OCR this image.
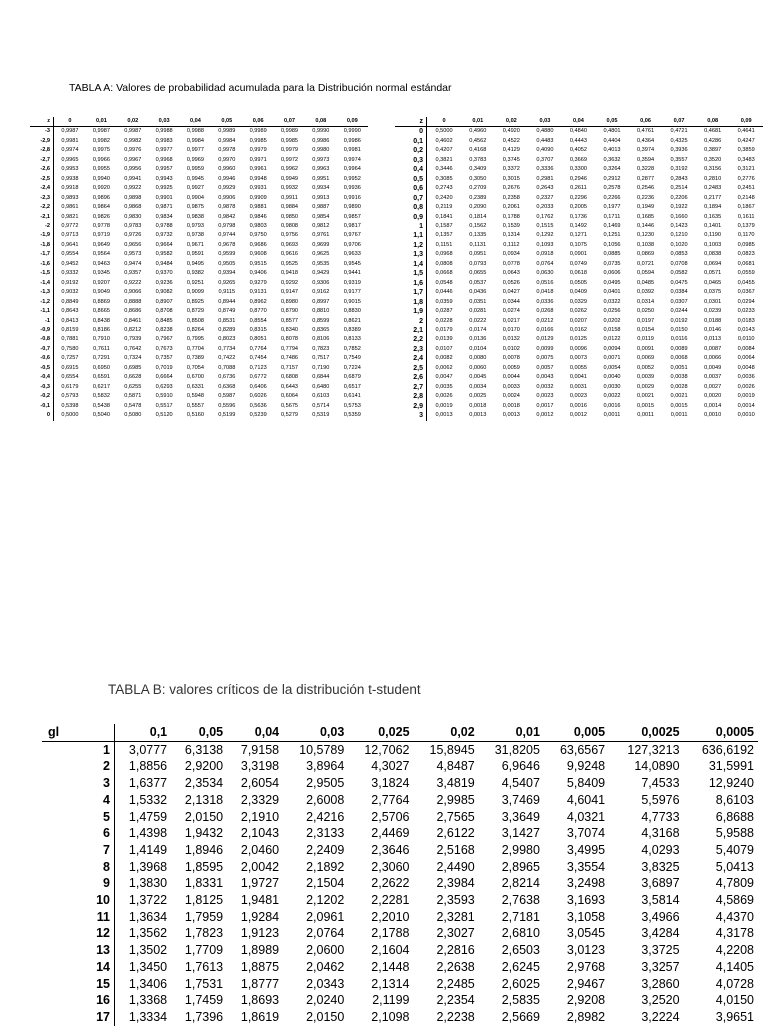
TABLA A: Valores de probabilidad acumulada para la Distribución normal estándar
z	0	0,01	0,02	0,03	0,04	0,05	0,06	0,07	0,08	0,09
-3	0,9987	0,9987	0,9987	0,9988	0,9988	0,9989	0,9989	0,9989	0,9990	0,9990
-2,9	0,9981	0,9982	0,9982	0,9983	0,9984	0,9984	0,9985	0,9985	0,9986	0,9986
-2,8	0,9974	0,9975	0,9976	0,9977	0,9977	0,9978	0,9979	0,9979	0,9980	0,9981
-2,7	0,9965	0,9966	0,9967	0,9968	0,9969	0,9970	0,9971	0,9972	0,9973	0,9974
-2,6	0,9953	0,9955	0,9956	0,9957	0,9959	0,9960	0,9961	0,9962	0,9963	0,9964
-2,5	0,9938	0,9940	0,9941	0,9943	0,9945	0,9946	0,9948	0,9949	0,9951	0,9952
-2,4	0,9918	0,9920	0,9922	0,9925	0,9927	0,9929	0,9931	0,9932	0,9934	0,9936
-2,3	0,9893	0,9896	0,9898	0,9901	0,9904	0,9906	0,9909	0,9911	0,9913	0,9916
-2,2	0,9861	0,9864	0,9868	0,9871	0,9875	0,9878	0,9881	0,9884	0,9887	0,9890
-2,1	0,9821	0,9826	0,9830	0,9834	0,9838	0,9842	0,9846	0,9850	0,9854	0,9857
-2	0,9772	0,9778	0,9783	0,9788	0,9793	0,9798	0,9803	0,9808	0,9812	0,9817
-1,9	0,9713	0,9719	0,9726	0,9732	0,9738	0,9744	0,9750	0,9756	0,9761	0,9767
-1,8	0,9641	0,9649	0,9656	0,9664	0,9671	0,9678	0,9686	0,9693	0,9699	0,9706
-1,7	0,9554	0,9564	0,9573	0,9582	0,9591	0,9599	0,9608	0,9616	0,9625	0,9633
-1,6	0,9452	0,9463	0,9474	0,9484	0,9495	0,9505	0,9515	0,9525	0,9535	0,9545
-1,5	0,9332	0,9345	0,9357	0,9370	0,9382	0,9394	0,9406	0,9418	0,9429	0,9441
-1,4	0,9192	0,9207	0,9222	0,9236	0,9251	0,9265	0,9279	0,9292	0,9306	0,9319
-1,3	0,9032	0,9049	0,9066	0,9082	0,9099	0,9115	0,9131	0,9147	0,9162	0,9177
-1,2	0,8849	0,8869	0,8888	0,8907	0,8925	0,8944	0,8962	0,8980	0,8997	0,9015
-1,1	0,8643	0,8665	0,8686	0,8708	0,8729	0,8749	0,8770	0,8790	0,8810	0,8830
-1	0,8413	0,8438	0,8461	0,8485	0,8508	0,8531	0,8554	0,8577	0,8599	0,8621
-0,9	0,8159	0,8186	0,8212	0,8238	0,8264	0,8289	0,8315	0,8340	0,8365	0,8389
-0,8	0,7881	0,7910	0,7939	0,7967	0,7995	0,8023	0,8051	0,8078	0,8106	0,8133
-0,7	0,7580	0,7611	0,7642	0,7673	0,7704	0,7734	0,7764	0,7794	0,7823	0,7852
-0,6	0,7257	0,7291	0,7324	0,7357	0,7389	0,7422	0,7454	0,7486	0,7517	0,7549
-0,5	0,6915	0,6950	0,6985	0,7019	0,7054	0,7088	0,7123	0,7157	0,7190	0,7224
-0,4	0,6554	0,6591	0,6628	0,6664	0,6700	0,6736	0,6772	0,6808	0,6844	0,6879
-0,3	0,6179	0,6217	0,6255	0,6293	0,6331	0,6368	0,6406	0,6443	0,6480	0,6517
-0,2	0,5793	0,5832	0,5871	0,5910	0,5948	0,5987	0,6026	0,6064	0,6103	0,6141
-0,1	0,5398	0,5438	0,5478	0,5517	0,5557	0,5596	0,5636	0,5675	0,5714	0,5753
0	0,5000	0,5040	0,5080	0,5120	0,5160	0,5199	0,5239	0,5279	0,5319	0,5359
z	0	0,01	0,02	0,03	0,04	0,05	0,06	0,07	0,08	0,09
0	0,5000	0,4960	0,4920	0,4880	0,4840	0,4801	0,4761	0,4721	0,4681	0,4641
0,1	0,4602	0,4562	0,4522	0,4483	0,4443	0,4404	0,4364	0,4325	0,4286	0,4247
0,2	0,4207	0,4168	0,4129	0,4090	0,4052	0,4013	0,3974	0,3936	0,3897	0,3859
0,3	0,3821	0,3783	0,3745	0,3707	0,3669	0,3632	0,3594	0,3557	0,3520	0,3483
0,4	0,3446	0,3409	0,3372	0,3336	0,3300	0,3264	0,3228	0,3192	0,3156	0,3121
0,5	0,3085	0,3050	0,3015	0,2981	0,2946	0,2912	0,2877	0,2843	0,2810	0,2776
0,6	0,2743	0,2709	0,2676	0,2643	0,2611	0,2578	0,2546	0,2514	0,2483	0,2451
0,7	0,2420	0,2389	0,2358	0,2327	0,2296	0,2266	0,2236	0,2206	0,2177	0,2148
0,8	0,2119	0,2090	0,2061	0,2033	0,2005	0,1977	0,1949	0,1922	0,1894	0,1867
0,9	0,1841	0,1814	0,1788	0,1762	0,1736	0,1711	0,1685	0,1660	0,1635	0,1611
1	0,1587	0,1562	0,1539	0,1515	0,1492	0,1469	0,1446	0,1423	0,1401	0,1379
1,1	0,1357	0,1335	0,1314	0,1292	0,1271	0,1251	0,1230	0,1210	0,1190	0,1170
1,2	0,1151	0,1131	0,1112	0,1093	0,1075	0,1056	0,1038	0,1020	0,1003	0,0985
1,3	0,0968	0,0951	0,0934	0,0918	0,0901	0,0885	0,0869	0,0853	0,0838	0,0823
1,4	0,0808	0,0793	0,0778	0,0764	0,0749	0,0735	0,0721	0,0708	0,0694	0,0681
1,5	0,0668	0,0655	0,0643	0,0630	0,0618	0,0606	0,0594	0,0582	0,0571	0,0559
1,6	0,0548	0,0537	0,0526	0,0516	0,0505	0,0495	0,0485	0,0475	0,0465	0,0455
1,7	0,0446	0,0436	0,0427	0,0418	0,0409	0,0401	0,0392	0,0384	0,0375	0,0367
1,8	0,0359	0,0351	0,0344	0,0336	0,0329	0,0322	0,0314	0,0307	0,0301	0,0294
1,9	0,0287	0,0281	0,0274	0,0268	0,0262	0,0256	0,0250	0,0244	0,0239	0,0233
2	0,0228	0,0222	0,0217	0,0212	0,0207	0,0202	0,0197	0,0192	0,0188	0,0183
2,1	0,0179	0,0174	0,0170	0,0166	0,0162	0,0158	0,0154	0,0150	0,0146	0,0143
2,2	0,0139	0,0136	0,0132	0,0129	0,0125	0,0122	0,0119	0,0116	0,0113	0,0110
2,3	0,0107	0,0104	0,0102	0,0099	0,0096	0,0094	0,0091	0,0089	0,0087	0,0084
2,4	0,0082	0,0080	0,0078	0,0075	0,0073	0,0071	0,0069	0,0068	0,0066	0,0064
2,5	0,0062	0,0060	0,0059	0,0057	0,0055	0,0054	0,0052	0,0051	0,0049	0,0048
2,6	0,0047	0,0045	0,0044	0,0043	0,0041	0,0040	0,0039	0,0038	0,0037	0,0036
2,7	0,0035	0,0034	0,0033	0,0032	0,0031	0,0030	0,0029	0,0028	0,0027	0,0026
2,8	0,0026	0,0025	0,0024	0,0023	0,0023	0,0022	0,0021	0,0021	0,0020	0,0019
2,9	0,0019	0,0018	0,0018	0,0017	0,0016	0,0016	0,0015	0,0015	0,0014	0,0014
3	0,0013	0,0013	0,0013	0,0012	0,0012	0,0011	0,0011	0,0011	0,0010	0,0010
TABLA B: valores críticos de la distribución t-student
gl	0,1	0,05	0,04	0,03	0,025	0,02	0,01	0,005	0,0025	0,0005
1	3,0777	6,3138	7,9158	10,5789	12,7062	15,8945	31,8205	63,6567	127,3213	636,6192
2	1,8856	2,9200	3,3198	3,8964	4,3027	4,8487	6,9646	9,9248	14,0890	31,5991
3	1,6377	2,3534	2,6054	2,9505	3,1824	3,4819	4,5407	5,8409	7,4533	12,9240
4	1,5332	2,1318	2,3329	2,6008	2,7764	2,9985	3,7469	4,6041	5,5976	8,6103
5	1,4759	2,0150	2,1910	2,4216	2,5706	2,7565	3,3649	4,0321	4,7733	6,8688
6	1,4398	1,9432	2,1043	2,3133	2,4469	2,6122	3,1427	3,7074	4,3168	5,9588
7	1,4149	1,8946	2,0460	2,2409	2,3646	2,5168	2,9980	3,4995	4,0293	5,4079
8	1,3968	1,8595	2,0042	2,1892	2,3060	2,4490	2,8965	3,3554	3,8325	5,0413
9	1,3830	1,8331	1,9727	2,1504	2,2622	2,3984	2,8214	3,2498	3,6897	4,7809
10	1,3722	1,8125	1,9481	2,1202	2,2281	2,3593	2,7638	3,1693	3,5814	4,5869
11	1,3634	1,7959	1,9284	2,0961	2,2010	2,3281	2,7181	3,1058	3,4966	4,4370
12	1,3562	1,7823	1,9123	2,0764	2,1788	2,3027	2,6810	3,0545	3,4284	4,3178
13	1,3502	1,7709	1,8989	2,0600	2,1604	2,2816	2,6503	3,0123	3,3725	4,2208
14	1,3450	1,7613	1,8875	2,0462	2,1448	2,2638	2,6245	2,9768	3,3257	4,1405
15	1,3406	1,7531	1,8777	2,0343	2,1314	2,2485	2,6025	2,9467	3,2860	4,0728
16	1,3368	1,7459	1,8693	2,0240	2,1199	2,2354	2,5835	2,9208	3,2520	4,0150
17	1,3334	1,7396	1,8619	2,0150	2,1098	2,2238	2,5669	2,8982	3,2224	3,9651
